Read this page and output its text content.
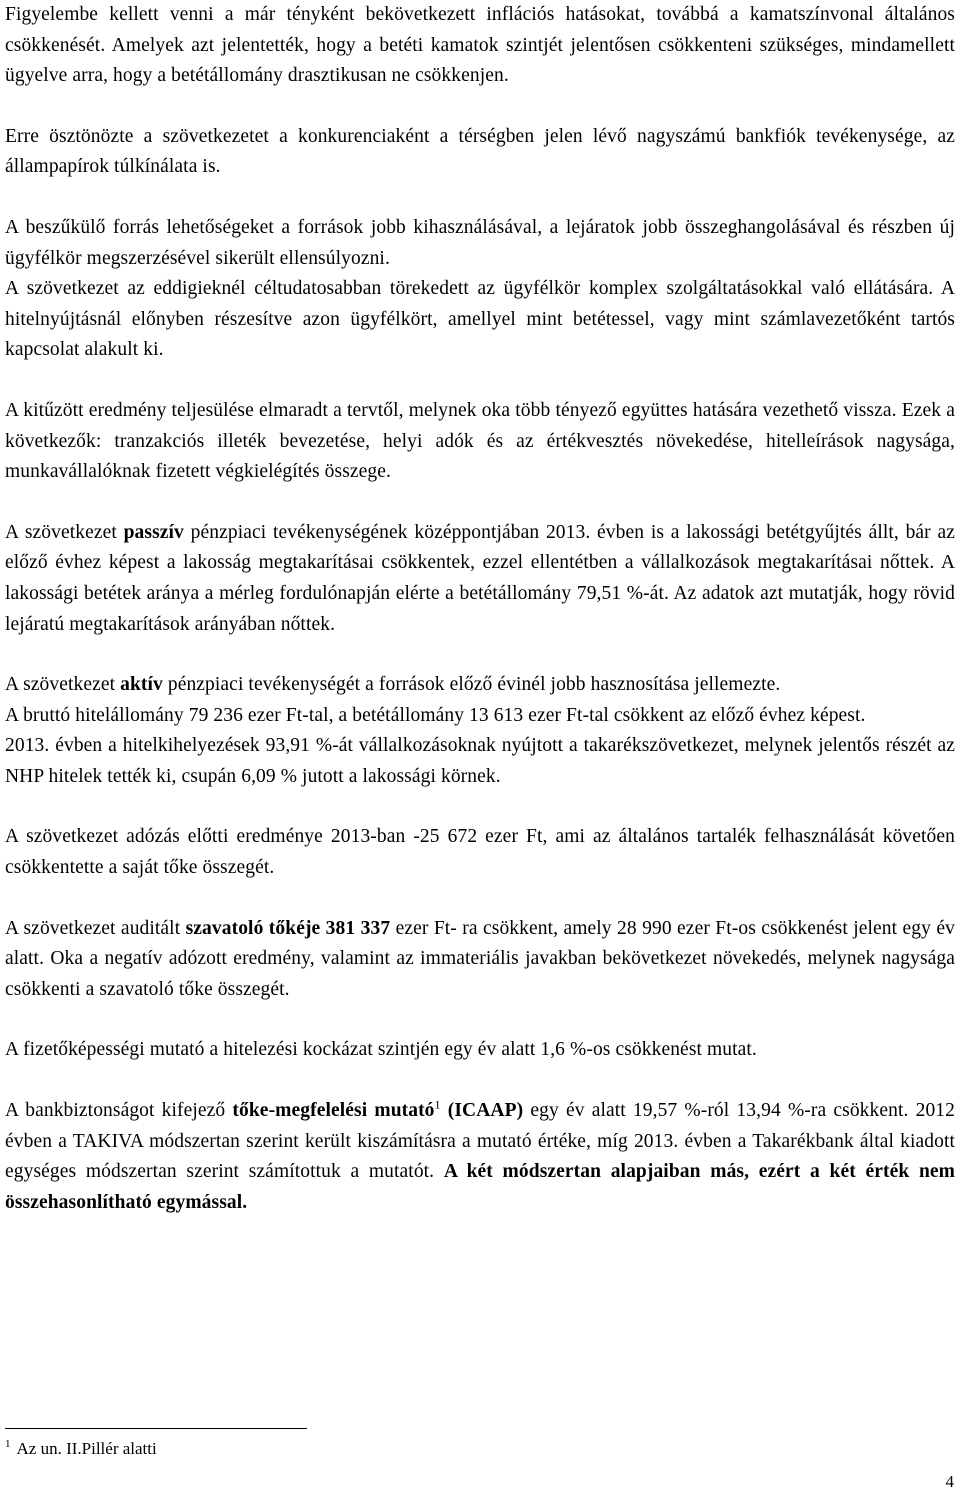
Figyelembe kellett venni a már tényként bekövetkezett inflációs hatásokat, továbbá a kamatszínvonal általános csökkenését. Amelyek azt jelentették, hogy a betéti kamatok szintjét jelentősen csökkenteni szükséges, mindamellett ügyelve arra, hogy a betétállomány drasztikusan ne csökkenjen.

Erre ösztönözte a szövetkezetet a konkurenciaként a térségben jelen lévő nagyszámú bankfiók tevékenysége, az állampapírok túlkínálata is.

A beszűkülő forrás lehetőségeket a források jobb kihasználásával, a lejáratok jobb összeghangolásával és részben új ügyfélkör megszerzésével sikerült ellensúlyozni.

A szövetkezet az eddigieknél céltudatosabban törekedett az ügyfélkör komplex szolgáltatásokkal való ellátására. A hitelnyújtásnál előnyben részesítve azon ügyfélkört, amellyel mint betétessel, vagy mint számlavezetőként tartós kapcsolat alakult ki.

A kitűzött eredmény teljesülése elmaradt a tervtől, melynek oka több tényező együttes hatására vezethető vissza. Ezek a következők: tranzakciós illeték bevezetése, helyi adók és az értékvesztés növekedése, hitelleírások nagysága, munkavállalóknak fizetett végkielégítés összege.

A szövetkezet passzív pénzpiaci tevékenységének középpontjában 2013. évben is a lakossági betétgyűjtés állt, bár az előző évhez képest a lakosság megtakarításai csökkentek, ezzel ellentétben a vállalkozások megtakarításai nőttek. A lakossági betétek aránya a mérleg fordulónapján elérte a betétállomány 79,51 %-át. Az adatok azt mutatják, hogy rövid lejáratú megtakarítások arányában nőttek.

A szövetkezet aktív pénzpiaci tevékenységét a források előző évinél jobb hasznosítása jellemezte.

A bruttó hitelállomány 79 236 ezer Ft-tal, a betétállomány 13 613 ezer Ft-tal csökkent az előző évhez képest.

2013. évben a hitelkihelyezések 93,91 %-át vállalkozásoknak nyújtott a takarékszövetkezet, melynek jelentős részét az NHP hitelek tették ki, csupán 6,09 % jutott a lakossági körnek.

A szövetkezet adózás előtti eredménye 2013-ban -25 672 ezer Ft, ami az általános tartalék felhasználását követően csökkentette a saját tőke összegét.

A szövetkezet auditált szavatoló tőkéje 381 337 ezer Ft- ra csökkent, amely 28 990 ezer Ft-os csökkenést jelent egy év alatt. Oka a negatív adózott eredmény, valamint az immateriális javakban bekövetkezet növekedés, melynek nagysága csökkenti a szavatoló tőke összegét.

A fizetőképességi mutató a hitelezési kockázat szintjén egy év alatt 1,6 %-os csökkenést mutat.

A bankbiztonságot kifejező tőke-megfelelési mutató$^1$ (ICAAP) egy év alatt 19,57 %-ról 13,94 %-ra csökkent. 2012 évben a TAKIVA módszertan szerint került kiszámításra a mutató értéke, míg 2013. évben a Takarékbank által kiadott egységes módszertan szerint számítottuk a mutatót. A két módszertan alapjaiban más, ezért a két érték nem összehasonlítható egymással.

$^1$ Az un. II.Pillér alatti
4
